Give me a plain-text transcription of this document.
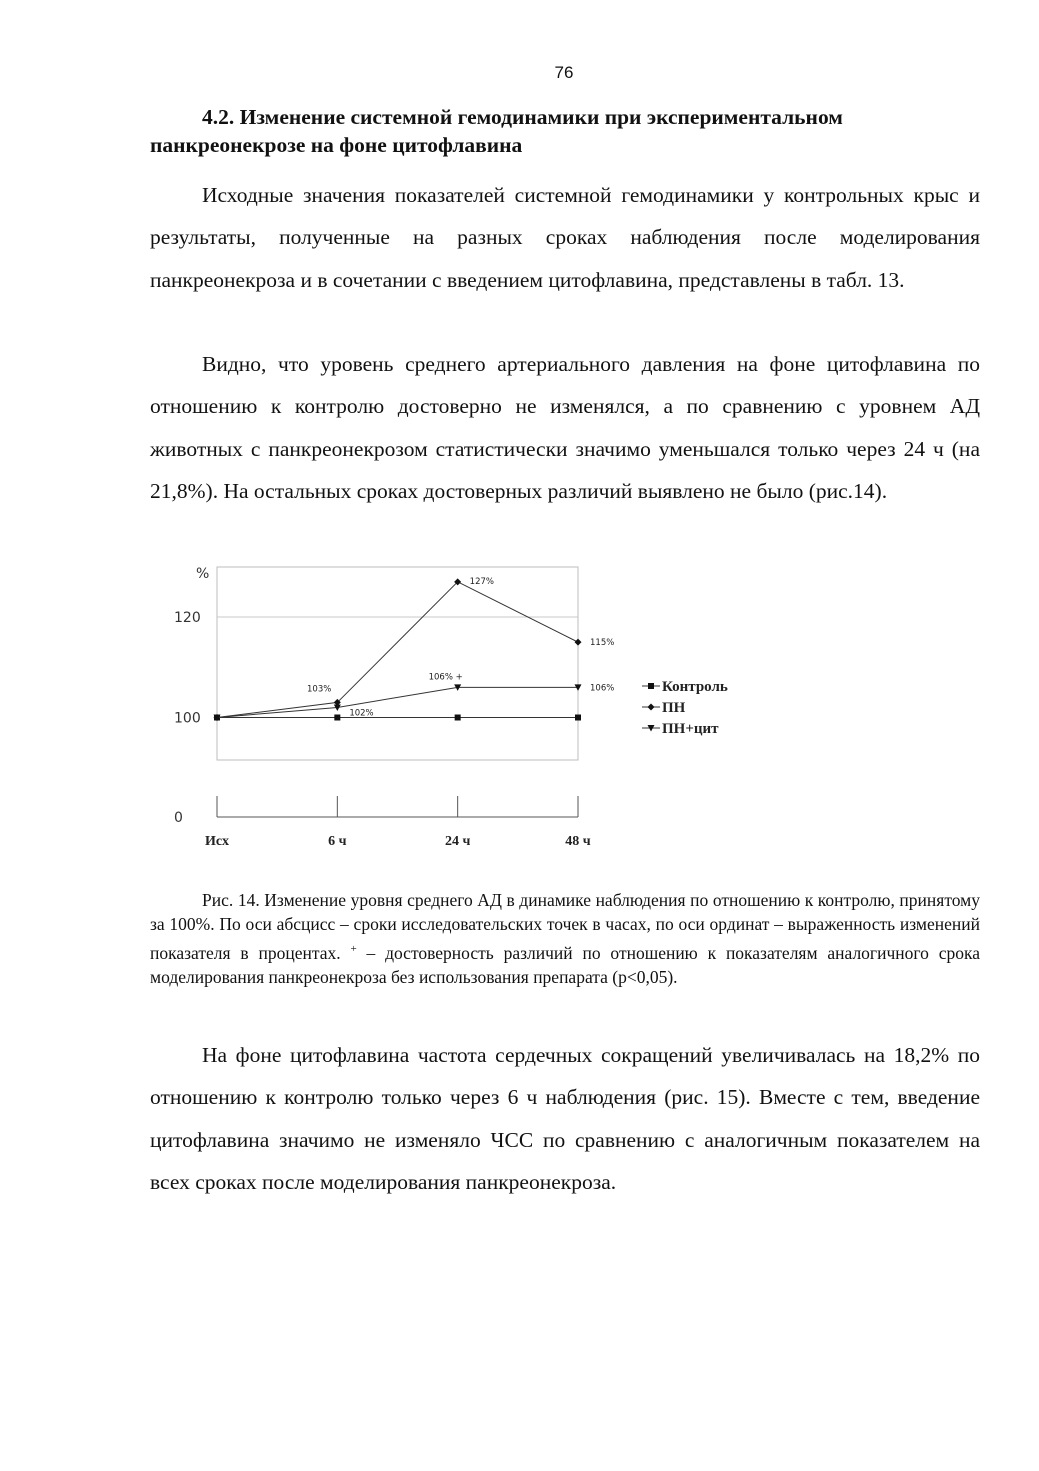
76
4.2. Изменение системной гемодинамики при экспериментальном
панкреонекрозе на фоне цитофлавина

Исходные значения показателей системной гемодинамики у контрольных крыс и результаты, полученные на разных сроках наблюдения после моделирования панкреонекроза и в сочетании с введением цитофлавина, представлены в табл. 13.

Видно, что уровень среднего артериального давления на фоне цитофлавина по отношению к контролю достоверно не изменялся, а по сравнению с уровнем АД животных с панкреонекрозом статистически значимо уменьшался только через 24 ч (на 21,8%). На остальных сроках достоверных различий выявлено не было (рис.14).

%
0
100
120
Исх	6 ч	24 ч	48 ч
103%
127%
115%
102%
106% +
106%	Контроль
ПН
ПН+цит

Рис. 14. Изменение уровня среднего АД в динамике наблюдения по отношению к контролю, принятому за 100%. По оси абсцисс – сроки исследовательских точек в часах, по оси ординат – выраженность изменений показателя в процентах. + – достоверность различий по отношению к показателям аналогичного срока моделирования панкреонекроза без использования препарата (p<0,05).

На фоне цитофлавина частота сердечных сокращений увеличивалась на 18,2% по отношению к контролю только через 6 ч наблюдения (рис. 15). Вместе с тем, введение цитофлавина значимо не изменяло ЧСС по сравнению с аналогичным показателем на всех сроках после моделирования панкреонекроза.
